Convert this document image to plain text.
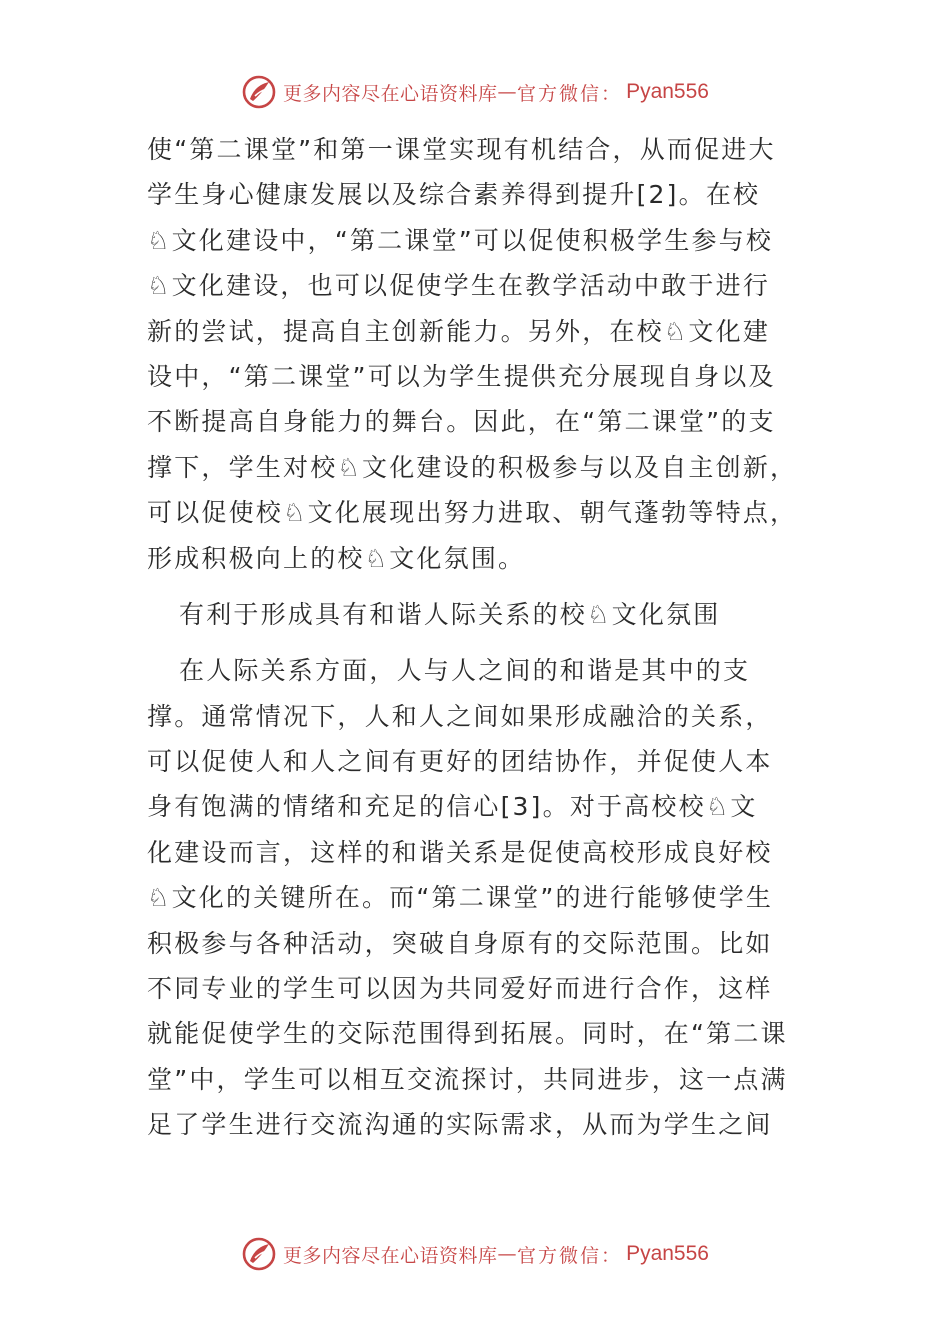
更多内容尽在心语资料库 — 官方微信： Pyan556
使“第二课堂”和第一课堂实现有机结合，从而促进大
学生身心健康发展以及综合素养得到提升[2]。在校
♘文化建设中，“第二课堂”可以促使积极学生参与校
♘文化建设，也可以促使学生在教学活动中敢于进行
新的尝试，提高自主创新能力。另外，在校♘文化建
设中，“第二课堂”可以为学生提供充分展现自身以及
不断提高自身能力的舞台。因此，在“第二课堂”的支
撑下，学生对校♘文化建设的积极参与以及自主创新，
可以促使校♘文化展现出努力进取、朝气蓬勃等特点，
形成积极向上的校♘文化氛围。
有利于形成具有和谐人际关系的校♘文化氛围
在人际关系方面，人与人之间的和谐是其中的支
撑。通常情况下，人和人之间如果形成融洽的关系，
可以促使人和人之间有更好的团结协作，并促使人本
身有饱满的情绪和充足的信心[3]。对于高校校♘文
化建设而言，这样的和谐关系是促使高校形成良好校
♘文化的关键所在。而“第二课堂”的进行能够使学生
积极参与各种活动，突破自身原有的交际范围。比如
不同专业的学生可以因为共同爱好而进行合作，这样
就能促使学生的交际范围得到拓展。同时，在“第二课
堂”中，学生可以相互交流探讨，共同进步，这一点满
足了学生进行交流沟通的实际需求，从而为学生之间
更多内容尽在心语资料库 — 官方微信： Pyan556
